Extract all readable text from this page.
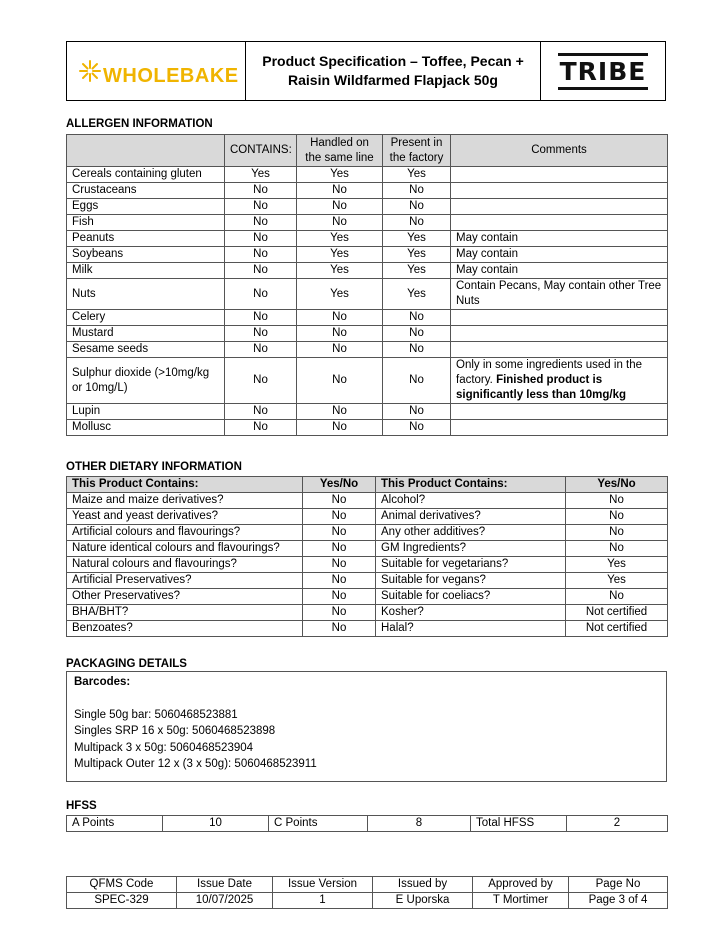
WHOLEBAKE
Product Specification – Toffee, Pecan +
Raisin Wildfarmed Flapjack 50g	TRIBE
ALLERGEN INFORMATION
	CONTAINS:	Handled on the same line	Present in the factory	Comments
Cereals containing gluten	Yes	Yes	Yes	
Crustaceans	No	No	No	
Eggs	No	No	No	
Fish	No	No	No	
Peanuts	No	Yes	Yes	May contain
Soybeans	No	Yes	Yes	May contain
Milk	No	Yes	Yes	May contain
Nuts	No	Yes	Yes	Contain Pecans, May contain other Tree Nuts
Celery	No	No	No	
Mustard	No	No	No	
Sesame seeds	No	No	No	
Sulphur dioxide (>10mg/kg or 10mg/L)	No	No	No	Only in some ingredients used in the factory. Finished product is significantly less than 10mg/kg
Lupin	No	No	No	
Mollusc	No	No	No	
OTHER DIETARY INFORMATION
This Product Contains:	Yes/No	This Product Contains:	Yes/No
Maize and maize derivatives?	No	Alcohol?	No
Yeast and yeast derivatives?	No	Animal derivatives?	No
Artificial colours and flavourings?	No	Any other additives?	No
Nature identical colours and flavourings?	No	GM Ingredients?	No
Natural colours and flavourings?	No	Suitable for vegetarians?	Yes
Artificial Preservatives?	No	Suitable for vegans?	Yes
Other Preservatives?	No	Suitable for coeliacs?	No
BHA/BHT?	No	Kosher?	Not certified
Benzoates?	No	Halal?	Not certified
PACKAGING DETAILS
Barcodes:
Single 50g bar: 5060468523881
Singles SRP 16 x 50g: 5060468523898
Multipack 3 x 50g: 5060468523904
Multipack Outer 12 x (3 x 50g): 5060468523911
HFSS
A Points	10	C Points	8	Total HFSS	2
QFMS Code	Issue Date	Issue Version	Issued by	Approved by	Page No
SPEC-329	10/07/2025	1	E Uporska	T Mortimer	Page 3 of 4
